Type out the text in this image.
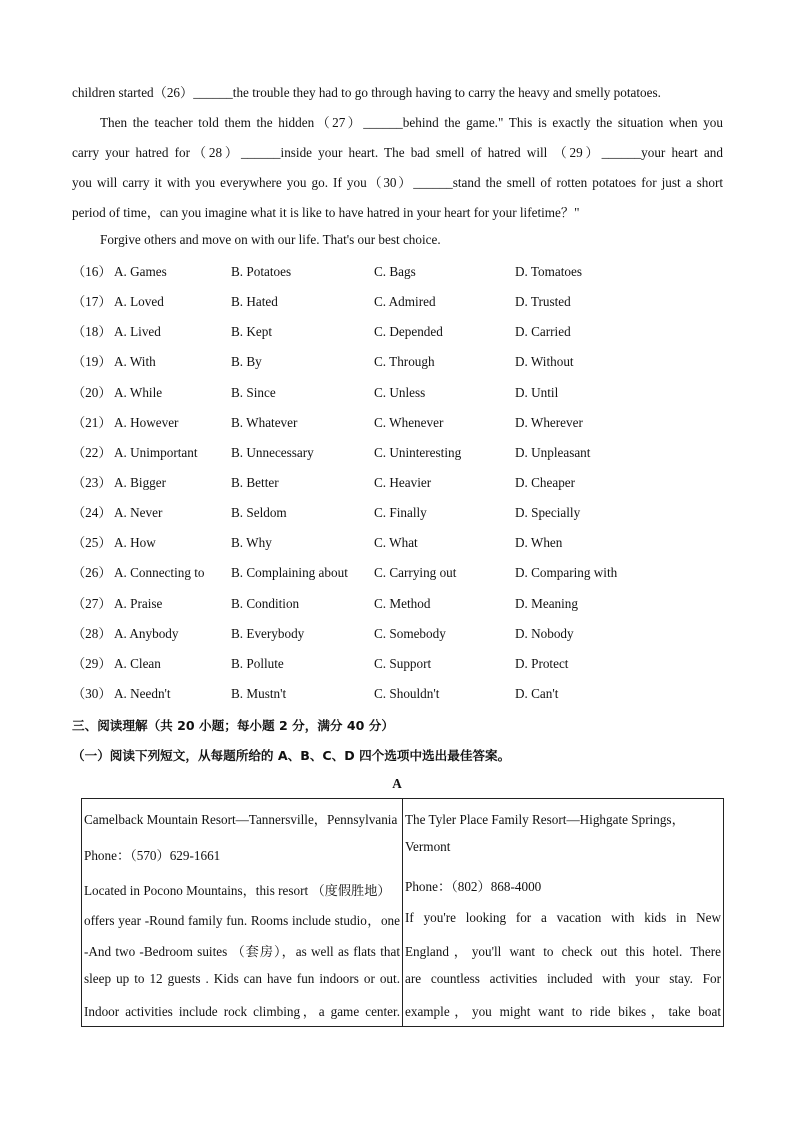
children started（26）______the trouble they had to go through having to carry the heavy and smelly potatoes.
Then the teacher told them the hidden（27）______behind the game." This is exactly the situation when you
carry your hatred for（28）______inside your heart. The bad smell of hatred will （29）______your heart and
you will carry it with you everywhere you go. If you（30）______stand the smell of rotten potatoes for just a short
period of time，can you imagine what it is like to have hatred in your heart for your lifetime？"
Forgive others and move on with our life. That's our best choice.
（16） A. Games	B. Potatoes	C. Bags	D. Tomatoes
（17） A. Loved	B. Hated	C. Admired	D. Trusted
（18） A. Lived	B. Kept	C. Depended	D. Carried
（19） A. With	B. By	C. Through	D. Without
（20） A. While	B. Since	C. Unless	D. Until
（21） A. However	B. Whatever	C. Whenever	D. Wherever
（22） A. Unimportant	B. Unnecessary	C. Uninteresting	D. Unpleasant
（23） A. Bigger	B. Better	C. Heavier	D. Cheaper
（24） A. Never	B. Seldom	C. Finally	D. Specially
（25） A. How	B. Why	C. What	D. When
（26） A. Connecting to B. Complaining about C. Carrying out	D. Comparing with
（27） A. Praise	B. Condition	C. Method	D. Meaning
（28） A. Anybody	B. Everybody	C. Somebody	D. Nobody
（29） A. Clean	B. Pollute	C. Support	D. Protect
（30） A. Needn't	B. Mustn't	C. Shouldn't	D. Can't
三、阅读理解（共 20 小题；每小题 2 分，满分 40 分）
（一）阅读下列短文，从每题所给的 A、B、C、D 四个选项中选出最佳答案。
A
Camelback Mountain Resort—Tannersville，Pennsylvania
Phone：（570）629-1661
Located in Pocono Mountains，this resort （度假胜地）
offers year -Round family fun. Rooms include studio，one
-And two -Bedroom suites （套房），as well as flats that
sleep up to 12 guests . Kids can have fun indoors or out.
Indoor activities include rock climbing，a game center.

The Tyler Place Family Resort—Highgate Springs，
Vermont
Phone：（802）868-4000
If you're looking for a vacation with kids in New
England，you'll want to check out this hotel. There
are countless activities included with your stay. For
example，you might want to ride bikes，take boat
